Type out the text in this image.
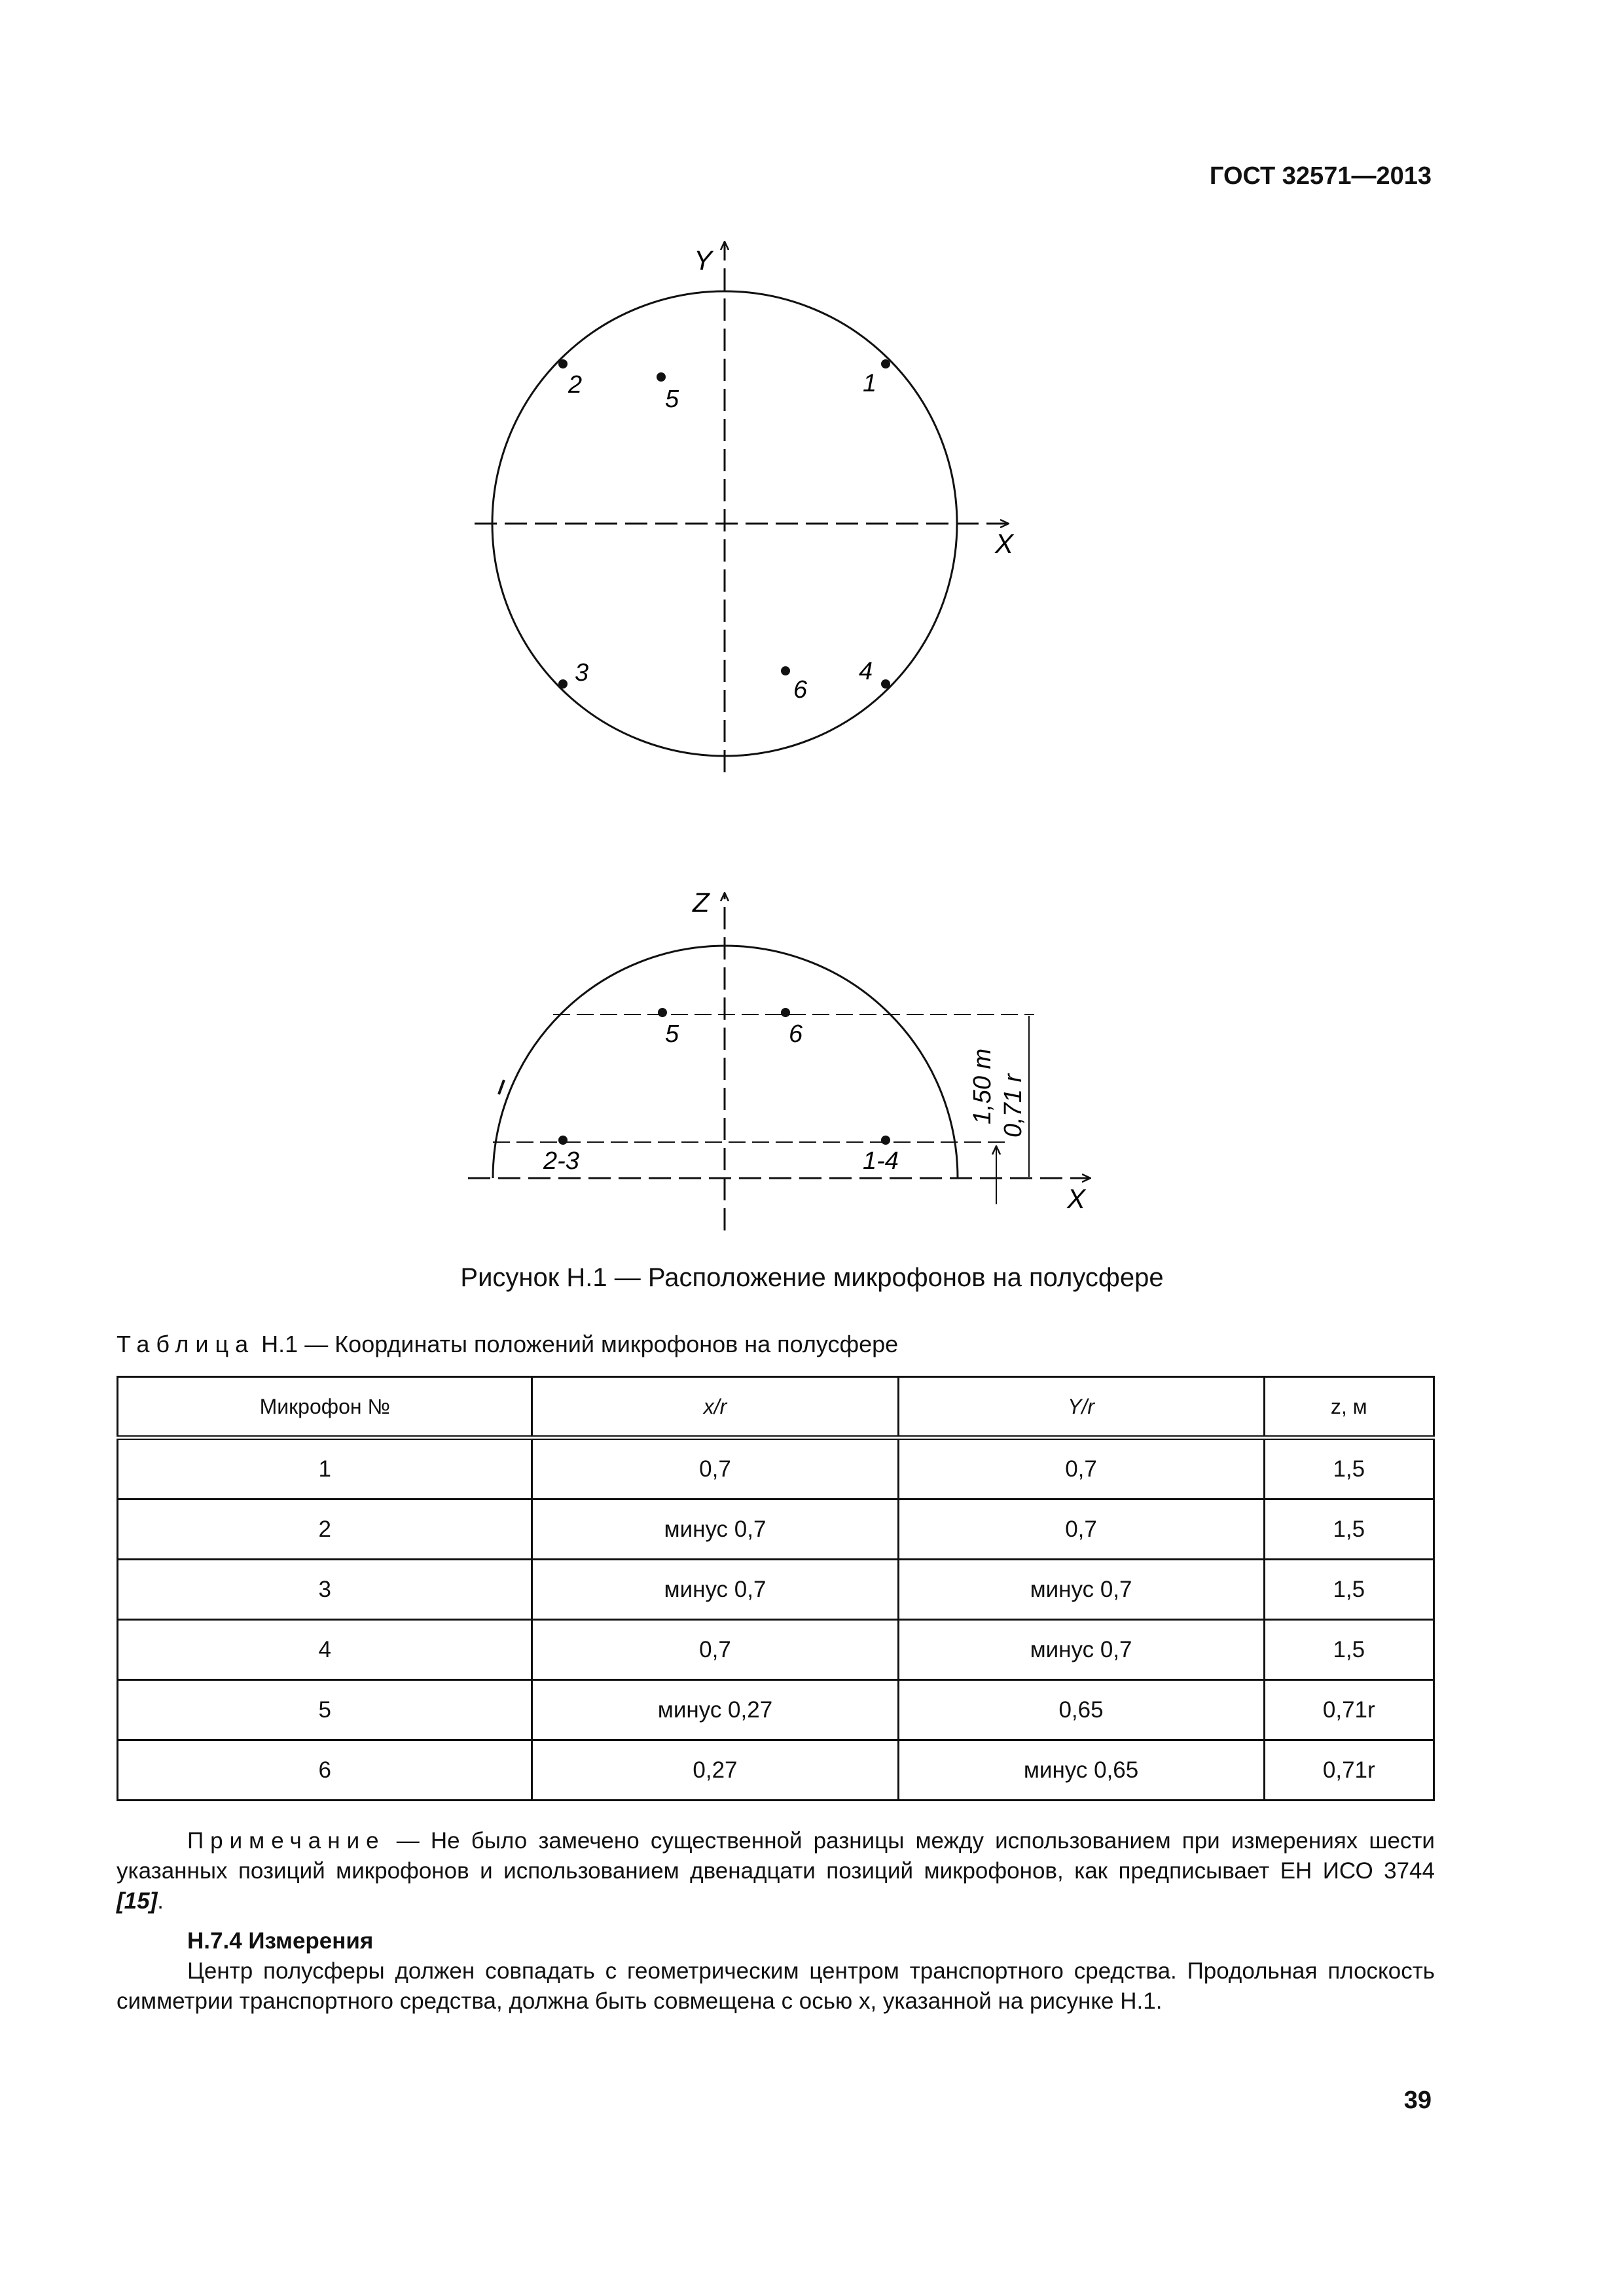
ГОСТ 32571—2013
Y
X
1
2
5
3
6
4
Z
X
5	6
2-3	1-4
1,50 m 0,71 r
Рисунок Н.1 — Расположение микрофонов на полусфере
Таблица Н.1 — Координаты положений микрофонов на полусфере
Микрофон №	x/r	Y/r	z, м
1	0,7	0,7	1,5
2	минус 0,7	0,7	1,5
3	минус 0,7	минус 0,7	1,5
4	0,7	минус 0,7	1,5
5	минус 0,27	0,65	0,71r
6	0,27	минус 0,65	0,71r

Примечание — Не было замечено существенной разницы между использованием при измерениях шести указанных позиций микрофонов и использованием двенадцати позиций микрофонов, как предписывает ЕН ИСО 3744 [15].

Н.7.4 Измерения

Центр полусферы должен совпадать с геометрическим центром транспортного средства. Продольная плоскость симметрии транспортного средства, должна быть совмещена с осью х, указанной на рисунке Н.1.

39
